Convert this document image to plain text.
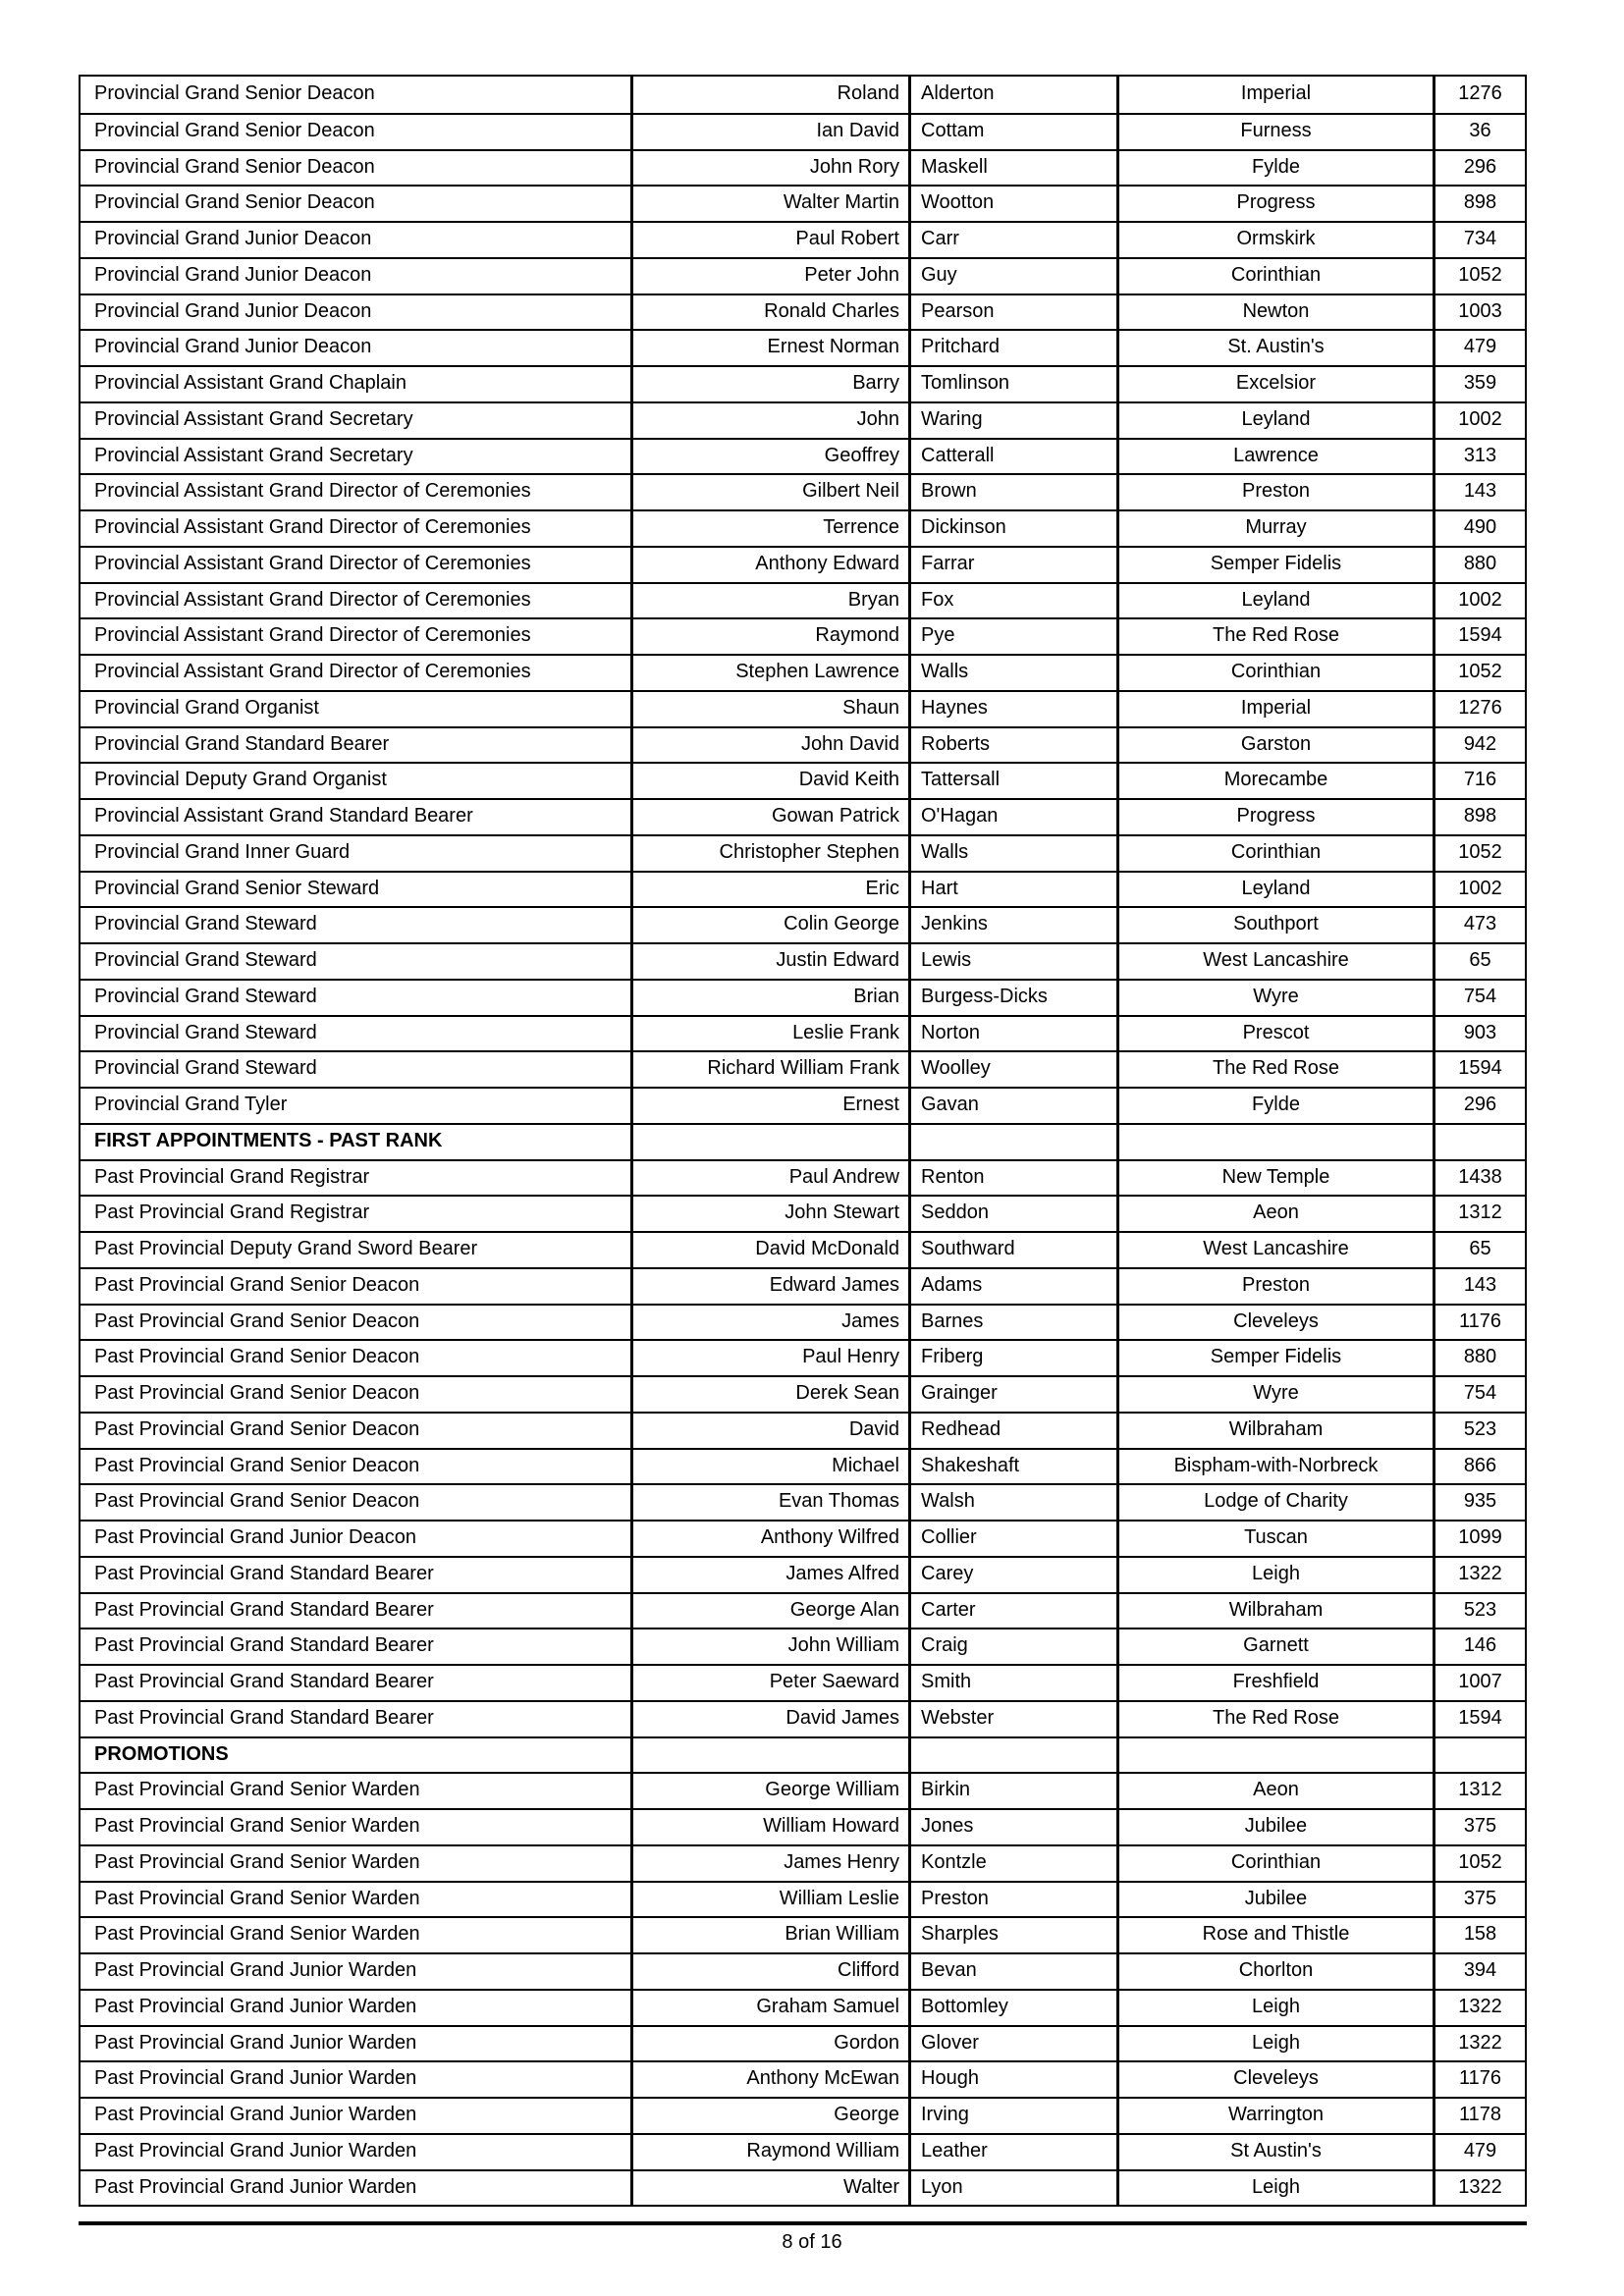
Provincial Grand Senior Deacon	Roland	Alderton	Imperial	1276
Provincial Grand Senior Deacon	Ian David	Cottam	Furness	36
Provincial Grand Senior Deacon	John Rory	Maskell	Fylde	296
Provincial Grand Senior Deacon	Walter Martin	Wootton	Progress	898
Provincial Grand Junior Deacon	Paul Robert	Carr	Ormskirk	734
Provincial Grand Junior Deacon	Peter John	Guy	Corinthian	1052
Provincial Grand Junior Deacon	Ronald Charles	Pearson	Newton	1003
Provincial Grand Junior Deacon	Ernest Norman	Pritchard	St. Austin's	479
Provincial Assistant Grand Chaplain	Barry	Tomlinson	Excelsior	359
Provincial Assistant Grand Secretary	John	Waring	Leyland	1002
Provincial Assistant Grand Secretary	Geoffrey	Catterall	Lawrence	313
Provincial Assistant Grand Director of Ceremonies	Gilbert Neil	Brown	Preston	143
Provincial Assistant Grand Director of Ceremonies	Terrence	Dickinson	Murray	490
Provincial Assistant Grand Director of Ceremonies	Anthony Edward	Farrar	Semper Fidelis	880
Provincial Assistant Grand Director of Ceremonies	Bryan	Fox	Leyland	1002
Provincial Assistant Grand Director of Ceremonies	Raymond	Pye	The Red Rose	1594
Provincial Assistant Grand Director of Ceremonies	Stephen Lawrence	Walls	Corinthian	1052
Provincial Grand Organist	Shaun	Haynes	Imperial	1276
Provincial Grand Standard Bearer	John David	Roberts	Garston	942
Provincial Deputy Grand Organist	David Keith	Tattersall	Morecambe	716
Provincial Assistant Grand Standard Bearer	Gowan Patrick	O'Hagan	Progress	898
Provincial Grand Inner Guard	Christopher Stephen	Walls	Corinthian	1052
Provincial Grand Senior Steward	Eric	Hart	Leyland	1002
Provincial Grand Steward	Colin George	Jenkins	Southport	473
Provincial Grand Steward	Justin Edward	Lewis	West Lancashire	65
Provincial Grand Steward	Brian	Burgess-Dicks	Wyre	754
Provincial Grand Steward	Leslie Frank	Norton	Prescot	903
Provincial Grand Steward	Richard William Frank	Woolley	The Red Rose	1594
Provincial Grand Tyler	Ernest	Gavan	Fylde	296
FIRST APPOINTMENTS - PAST RANK
Past Provincial Grand Registrar	Paul Andrew	Renton	New Temple	1438
Past Provincial Grand Registrar	John Stewart	Seddon	Aeon	1312
Past Provincial Deputy Grand Sword Bearer	David McDonald	Southward	West Lancashire	65
Past Provincial Grand Senior Deacon	Edward James	Adams	Preston	143
Past Provincial Grand Senior Deacon	James	Barnes	Cleveleys	1176
Past Provincial Grand Senior Deacon	Paul Henry	Friberg	Semper Fidelis	880
Past Provincial Grand Senior Deacon	Derek Sean	Grainger	Wyre	754
Past Provincial Grand Senior Deacon	David	Redhead	Wilbraham	523
Past Provincial Grand Senior Deacon	Michael	Shakeshaft	Bispham-with-Norbreck	866
Past Provincial Grand Senior Deacon	Evan Thomas	Walsh	Lodge of Charity	935
Past Provincial Grand Junior Deacon	Anthony Wilfred	Collier	Tuscan	1099
Past Provincial Grand Standard Bearer	James Alfred	Carey	Leigh	1322
Past Provincial Grand Standard Bearer	George Alan	Carter	Wilbraham	523
Past Provincial Grand Standard Bearer	John William	Craig	Garnett	146
Past Provincial Grand Standard Bearer	Peter Saeward	Smith	Freshfield	1007
Past Provincial Grand Standard Bearer	David James	Webster	The Red Rose	1594
PROMOTIONS
Past Provincial Grand Senior Warden	George William	Birkin	Aeon	1312
Past Provincial Grand Senior Warden	William Howard	Jones	Jubilee	375
Past Provincial Grand Senior Warden	James Henry	Kontzle	Corinthian	1052
Past Provincial Grand Senior Warden	William Leslie	Preston	Jubilee	375
Past Provincial Grand Senior Warden	Brian William	Sharples	Rose and Thistle	158
Past Provincial Grand Junior Warden	Clifford	Bevan	Chorlton	394
Past Provincial Grand Junior Warden	Graham Samuel	Bottomley	Leigh	1322
Past Provincial Grand Junior Warden	Gordon	Glover	Leigh	1322
Past Provincial Grand Junior Warden	Anthony McEwan	Hough	Cleveleys	1176
Past Provincial Grand Junior Warden	George	Irving	Warrington	1178
Past Provincial Grand Junior Warden	Raymond William	Leather	St Austin's	479
Past Provincial Grand Junior Warden	Walter	Lyon	Leigh	1322
8 of 16
